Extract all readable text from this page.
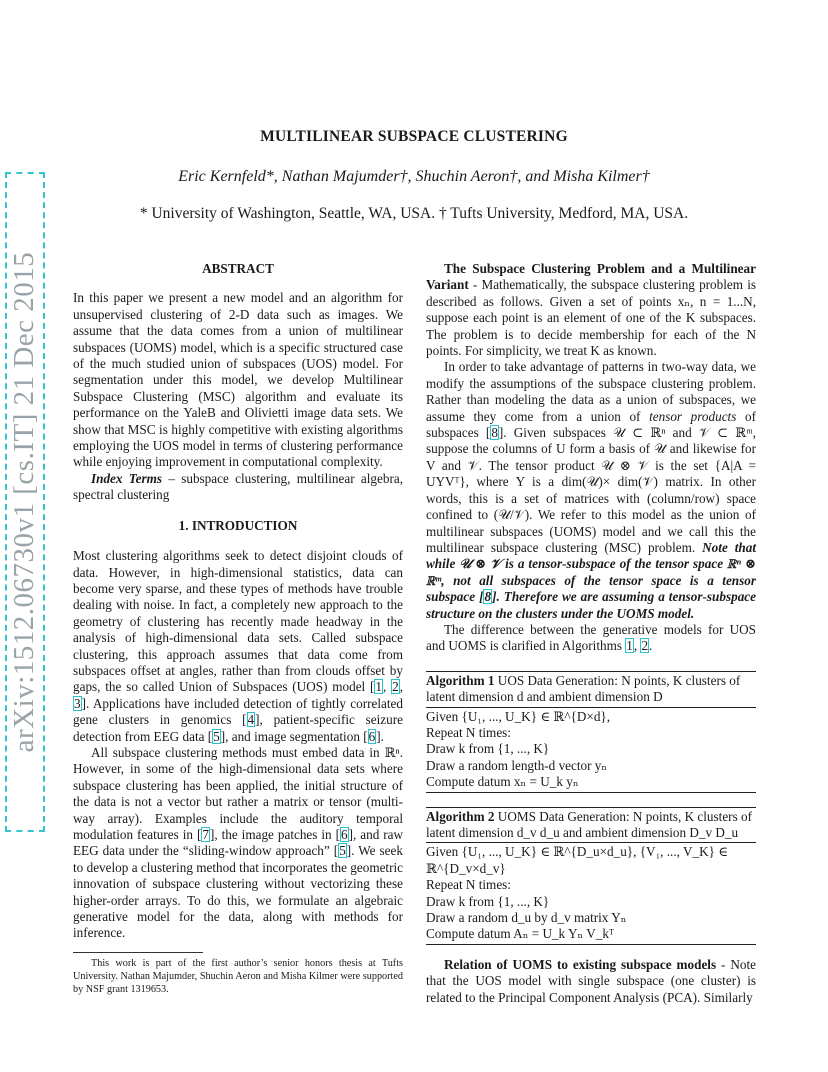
arXiv:1512.06730v1 [cs.IT] 21 Dec 2015
MULTILINEAR SUBSPACE CLUSTERING
Eric Kernfeld*, Nathan Majumder†, Shuchin Aeron†, and Misha Kilmer†
* University of Washington, Seattle, WA, USA. † Tufts University, Medford, MA, USA.
ABSTRACT

In this paper we present a new model and an algorithm for unsupervised clustering of 2-D data such as images. We assume that the data comes from a union of multilinear subspaces (UOMS) model, which is a specific structured case of the much studied union of subspaces (UOS) model. For segmentation under this model, we develop Multilinear Subspace Clustering (MSC) algorithm and evaluate its performance on the YaleB and Olivietti image data sets. We show that MSC is highly competitive with existing algorithms employing the UOS model in terms of clustering performance while enjoying improvement in computational complexity.

Index Terms – subspace clustering, multilinear algebra, spectral clustering

1. INTRODUCTION

Most clustering algorithms seek to detect disjoint clouds of data. However, in high-dimensional statistics, data can become very sparse, and these types of methods have trouble dealing with noise. In fact, a completely new approach to the geometry of clustering has recently made headway in the analysis of high-dimensional data sets. Called subspace clustering, this approach assumes that data come from subspaces offset at angles, rather than from clouds offset by gaps, the so called Union of Subspaces (UOS) model [1, 2, 3]. Applications have included detection of tightly correlated gene clusters in genomics [4], patient-specific seizure detection from EEG data [5], and image segmentation [6].

All subspace clustering methods must embed data in ℝⁿ. However, in some of the high-dimensional data sets where subspace clustering has been applied, the initial structure of the data is not a vector but rather a matrix or tensor (multi-way array). Examples include the auditory temporal modulation features in [7], the image patches in [6], and raw EEG data under the “sliding-window approach” [5]. We seek to develop a clustering method that incorporates the geometric innovation of subspace clustering without vectorizing these higher-order arrays. To do this, we formulate an algebraic generative model for the data, along with methods for inference.

This work is part of the first author’s senior honors thesis at Tufts University. Nathan Majumder, Shuchin Aeron and Misha Kilmer were supported by NSF grant 1319653.

The Subspace Clustering Problem and a Multilinear Variant - Mathematically, the subspace clustering problem is described as follows. Given a set of points xₙ, n = 1...N, suppose each point is an element of one of the K subspaces. The problem is to decide membership for each of the N points. For simplicity, we treat K as known.

In order to take advantage of patterns in two-way data, we modify the assumptions of the subspace clustering problem. Rather than modeling the data as a union of subspaces, we assume they come from a union of tensor products of subspaces [8]. Given subspaces 𝒰 ⊂ ℝⁿ and 𝒱 ⊂ ℝᵐ, suppose the columns of U form a basis of 𝒰 and likewise for V and 𝒱. The tensor product 𝒰 ⊗ 𝒱 is the set {A|A = UYVᵀ}, where Y is a dim(𝒰)× dim(𝒱) matrix. In other words, this is a set of matrices with (column/row) space confined to (𝒰/𝒱). We refer to this model as the union of multilinear subspaces (UOMS) model and we call this the multilinear subspace clustering (MSC) problem. Note that while 𝒰 ⊗ 𝒱 is a tensor-subspace of the tensor space ℝⁿ ⊗ ℝᵐ, not all subspaces of the tensor space is a tensor subspace [8]. Therefore we are assuming a tensor-subspace structure on the clusters under the UOMS model.

The difference between the generative models for UOS and UOMS is clarified in Algorithms 1, 2.

Algorithm 1 UOS Data Generation: N points, K clusters of latent dimension d and ambient dimension D
Given {U₁, ..., U_K} ∈ ℝ^{D×d},
Repeat N times:
Draw k from {1, ..., K}
Draw a random length-d vector yₙ
Compute datum xₙ = U_k yₙ
Algorithm 2 UOMS Data Generation: N points, K clusters of latent dimension d_v d_u and ambient dimension D_v D_u
Given {U₁, ..., U_K} ∈ ℝ^{D_u×d_u}, {V₁, ..., V_K} ∈ ℝ^{D_v×d_v}
Repeat N times:
Draw k from {1, ..., K}
Draw a random d_u by d_v matrix Yₙ
Compute datum Aₙ = U_k Yₙ V_kᵀ

Relation of UOMS to existing subspace models - Note that the UOS model with single subspace (one cluster) is related to the Principal Component Analysis (PCA). Similarly
